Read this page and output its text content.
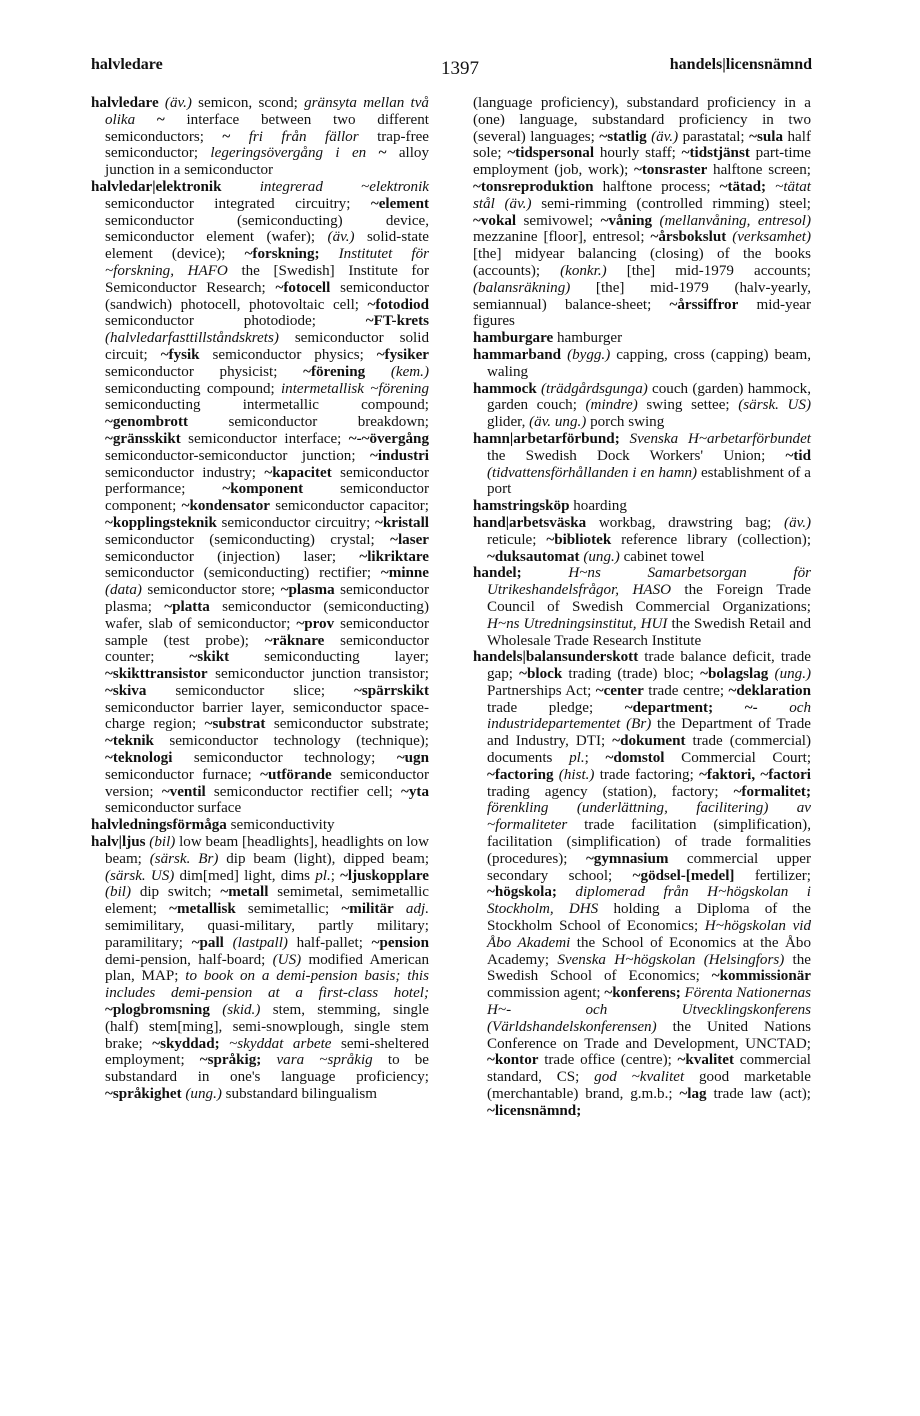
halvledare	1397	handels|licensnämnd

halvledare (äv.) semicon, scond; gränsyta mellan två olika ~ interface between two different semiconductors; ~ fri från fällor trap-free semiconductor; legeringsövergång i en ~ alloy junction in a semiconductor

halvledar|elektronik	integrerad ~elektronik semiconductor integrated circuitry; ~element semiconductor (semiconducting) device, semiconductor element (wafer); (äv.) solid-state element (device); ~forskning; Institutet för ~forskning, HAFO the [Swedish] Institute for Semiconductor Research; ~fotocell semiconductor (sandwich) photocell, photovoltaic cell; ~fotodiod semiconductor photodiode; ~FT-krets (halvledarfasttillståndskrets) semiconductor solid circuit; ~fysik semiconductor physics; ~fysiker semiconductor physicist; ~förening (kem.) semiconducting compound; intermetallisk ~förening semiconducting intermetallic compound; ~genombrott semiconductor breakdown; ~gränsskikt semiconductor interface; ~-~övergång semiconductor-semiconductor junction; ~industri semiconductor industry; ~kapacitet semiconductor performance; ~komponent semiconductor component; ~kondensator semiconductor capacitor; ~kopplingsteknik semiconductor circuitry; ~kristall semiconductor (semiconducting) crystal; ~laser semiconductor (injection) laser; ~likriktare semiconductor (semiconducting) rectifier; ~minne (data) semiconductor store; ~plasma semiconductor plasma; ~platta semiconductor (semiconducting) wafer, slab of semiconductor; ~prov semiconductor sample (test probe); ~räknare semiconductor counter; ~skikt semiconducting layer; ~skikttransistor semiconductor junction transistor; ~skiva semiconductor slice; ~spärrskikt semiconductor barrier layer, semiconductor space-charge region; ~substrat semiconductor substrate; ~teknik semiconductor technology (technique); ~teknologi semiconductor technology; ~ugn semiconductor furnace; ~utförande semiconductor version; ~ventil semiconductor rectifier cell; ~yta semiconductor surface

halvledningsförmåga semiconductivity

halv|ljus (bil) low beam [headlights], headlights on low beam; (särsk. Br) dip beam (light), dipped beam; (särsk. US) dim[med] light, dims pl.; ~ljuskopplare (bil) dip switch; ~metall semimetal, semimetallic element; ~metallisk semimetallic; ~militär adj. semimilitary, quasi-military, partly military; paramilitary; ~pall (lastpall) half-pallet; ~pension demi-pension, half-board; (US) modified American plan, MAP; to book on a demi-pension basis; this includes demi-pension at a first-class hotel; ~plogbromsning (skid.) stem, stemming, single (half) stem[ming], semi-snowplough, single stem brake; ~skyddad; ~skyddat arbete semi-sheltered employment; ~språkig; vara ~språkig to be substandard in one's language proficiency; ~språkighet (ung.) substandard bilingualism

(language proficiency), substandard proficiency in a (one) language, substandard proficiency in two (several) languages; ~statlig (äv.) parastatal; ~sula half sole; ~tidspersonal hourly staff; ~tidstjänst part-time employment (job, work); ~tonsraster halftone screen; ~tonsreproduktion halftone process; ~tätad; ~tätat stål (äv.) semi-rimming (controlled rimming) steel; ~vokal semivowel; ~våning (mellanvåning, entresol) mezzanine [floor], entresol; ~årsbokslut (verksamhet) [the] midyear balancing (closing) of the books (accounts); (konkr.) [the] mid-1979 accounts; (balansräkning) [the] mid-1979 (halv-yearly, semiannual) balance-sheet; ~årssiffror mid-year figures

hamburgare hamburger

hammarband (bygg.) capping, cross (capping) beam, waling

hammock (trädgårdsgunga) couch (garden) hammock, garden couch; (mindre) swing settee; (särsk. US) glider, (äv. ung.) porch swing

hamn|arbetarförbund; Svenska H~arbetarförbundet the Swedish Dock Workers' Union; ~tid (tidvattensförhållanden i en hamn) establishment of a port

hamstringsköp hoarding

hand|arbetsväska workbag, drawstring bag; (äv.) reticule; ~bibliotek reference library (collection); ~duksautomat (ung.) cabinet towel

handel;	H~ns Samarbetsorgan för Utrikeshandelsfrågor, HASO the Foreign Trade Council of Swedish Commercial Organizations; H~ns Utredningsinstitut, HUI the Swedish Retail and Wholesale Trade Research Institute

handels|balansunderskott trade balance deficit, trade gap; ~block trading (trade) bloc; ~bolagslag (ung.) Partnerships Act; ~center trade centre; ~deklaration trade pledge; ~department; ~- och industridepartementet (Br) the Department of Trade and Industry, DTI; ~dokument trade (commercial) documents pl.; ~domstol Commercial Court; ~factoring (hist.) trade factoring; ~faktori, ~factori trading agency (station), factory; ~formalitet; förenkling (underlättning, facilitering) av ~formaliteter trade facilitation (simplification), facilitation (simplification) of trade formalities (procedures); ~gymnasium commercial upper secondary school; ~gödsel-[medel] fertilizer; ~högskola; diplomerad från H~högskolan i Stockholm, DHS holding a Diploma of the Stockholm School of Economics; H~högskolan vid Åbo Akademi the School of Economics at the Åbo Academy; Svenska H~högskolan (Helsingfors) the Swedish School of Economics; ~kommissionär commission agent; ~konferens; Förenta Nationernas H~- och Utvecklingskonferens (Världshandelskonferensen) the United Nations Conference on Trade and Development, UNCTAD; ~kontor trade office (centre); ~kvalitet commercial standard, CS; god ~kvalitet good marketable (merchantable) brand, g.m.b.; ~lag trade law (act); ~licensnämnd;
